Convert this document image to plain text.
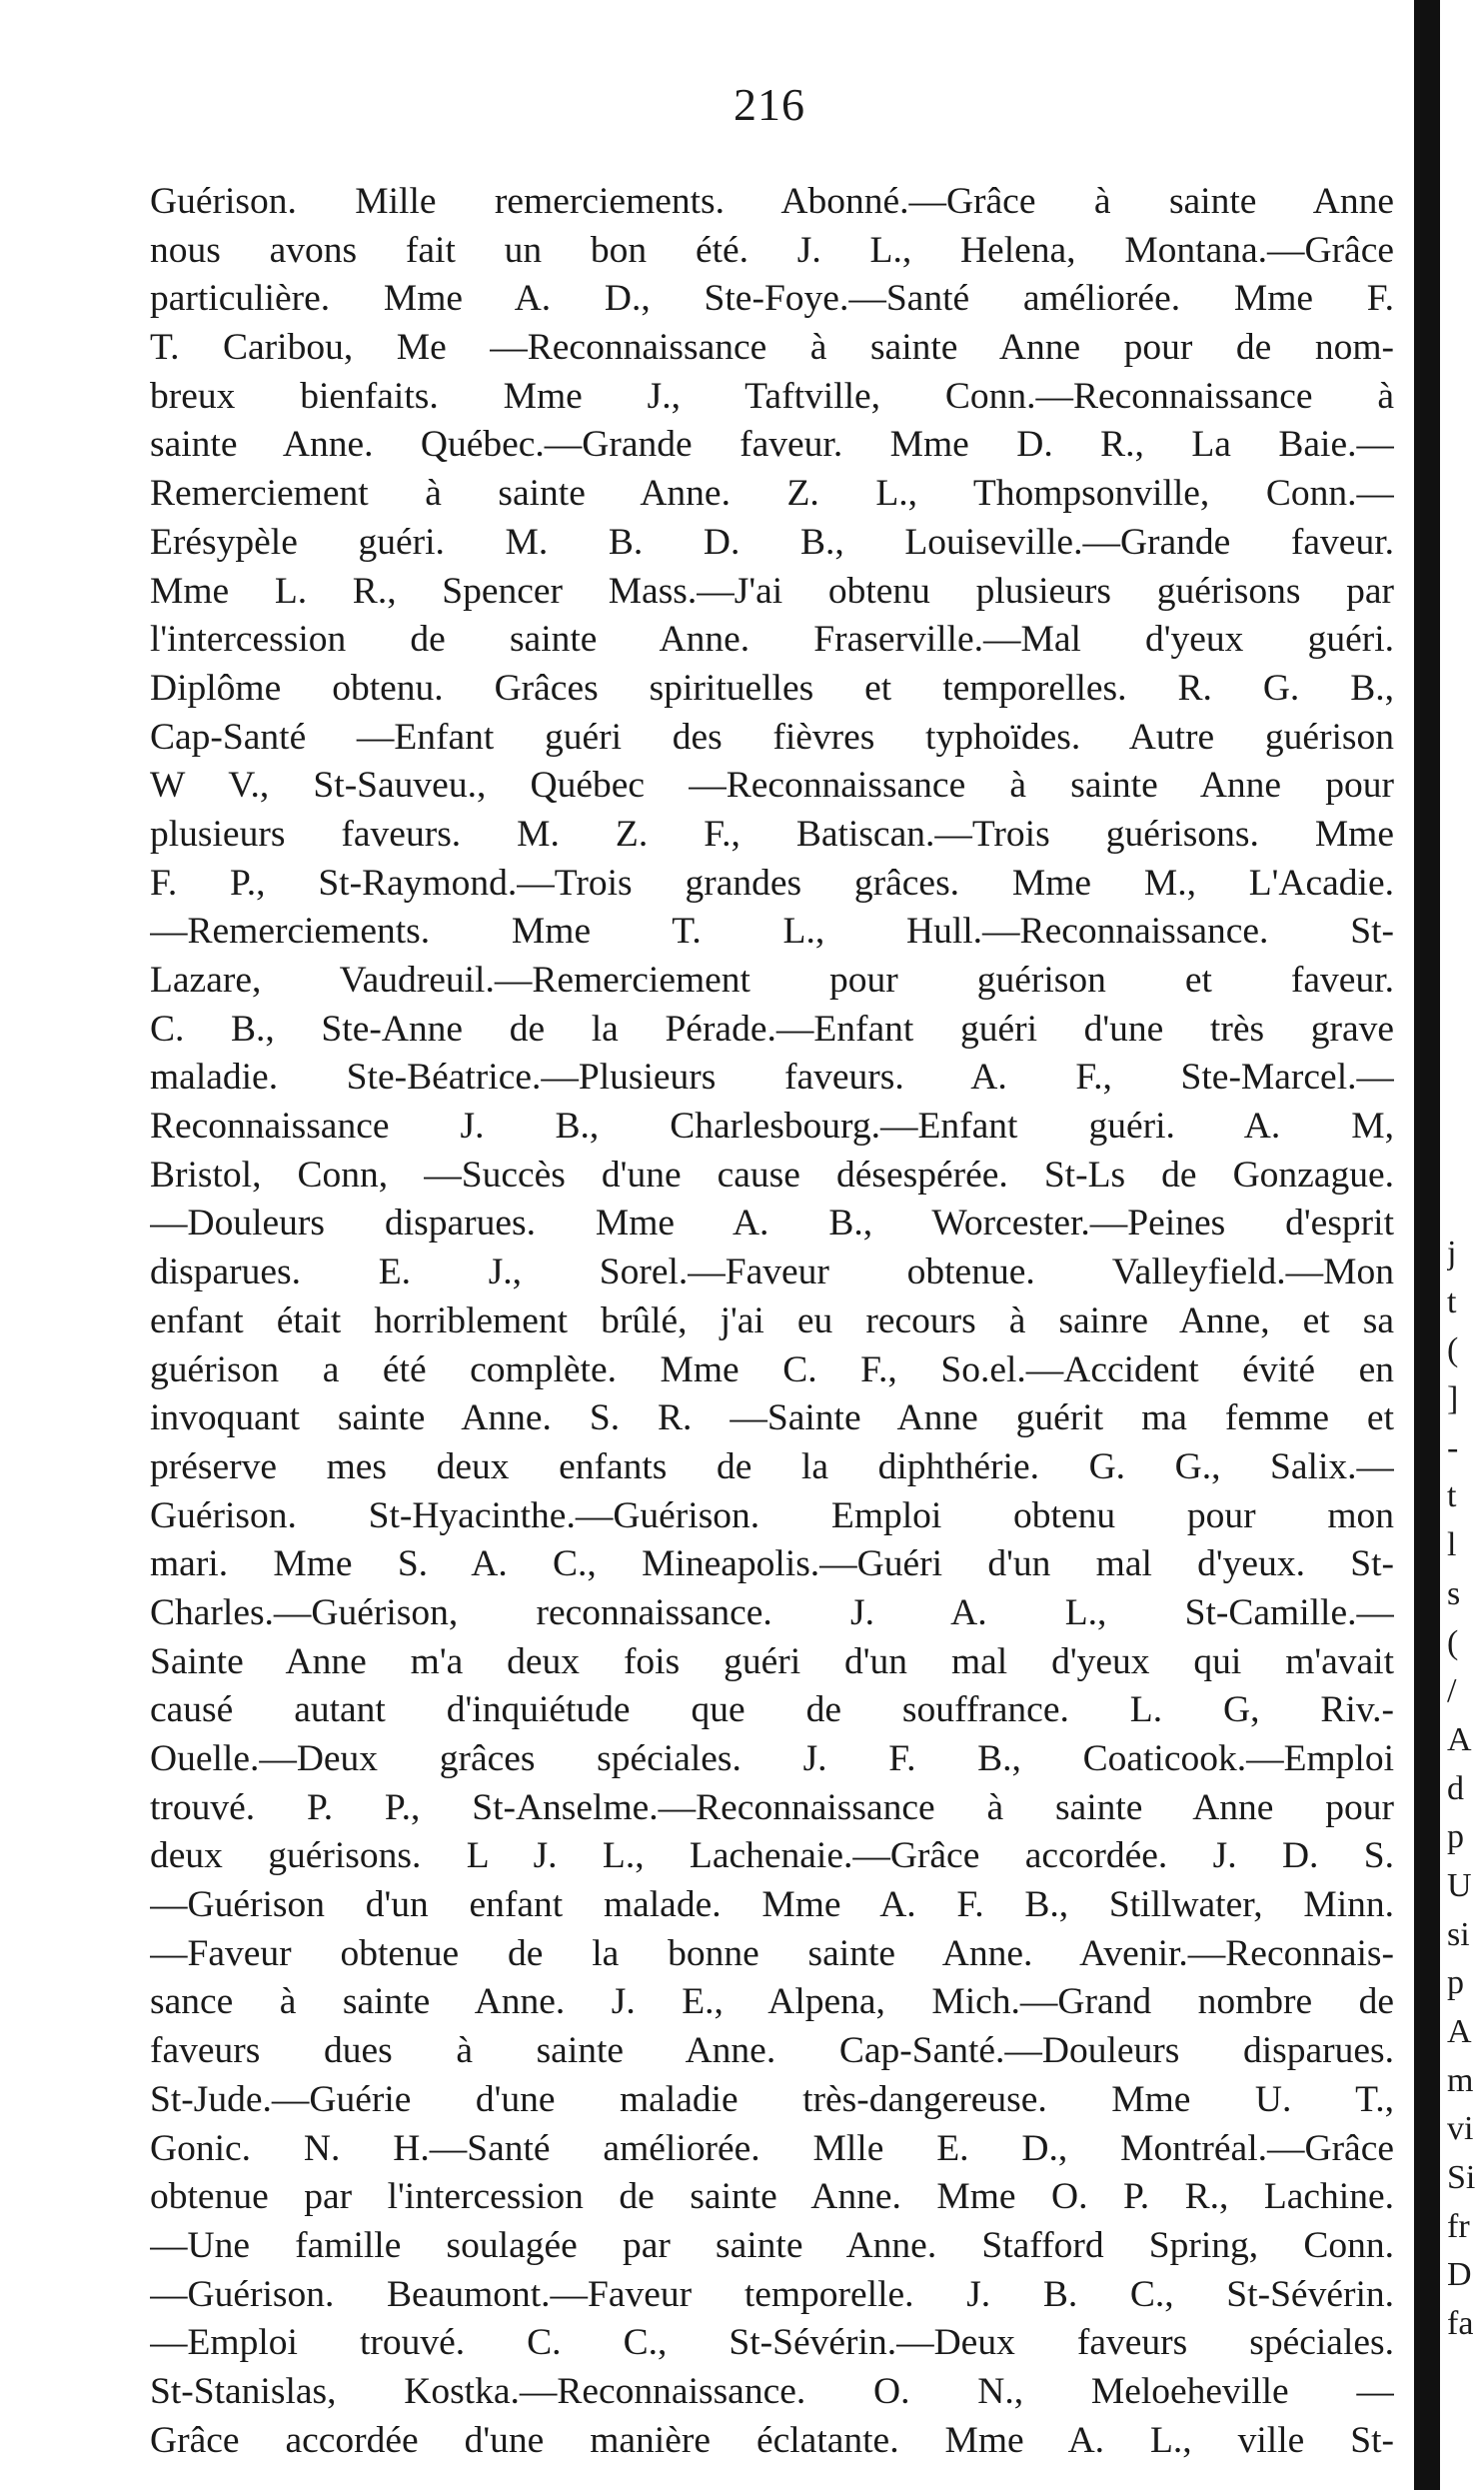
216
Guérison. Mille remerciements. Abonné.—Grâce à sainte Anne
nous avons fait un bon été. J. L., Helena, Montana.—Grâce
particulière. Mme A. D., Ste-Foye.—Santé améliorée. Mme F.
T. Caribou, Me —Reconnaissance à sainte Anne pour de nom-
breux bienfaits. Mme J., Taftville, Conn.—Reconnaissance à
sainte Anne. Québec.—Grande faveur. Mme D. R., La Baie.—
Remerciement à sainte Anne. Z. L., Thompsonville, Conn.—
Erésypèle guéri. M. B. D. B., Louiseville.—Grande faveur.
Mme L. R., Spencer Mass.—J'ai obtenu plusieurs guérisons par
l'intercession de sainte Anne. Fraserville.—Mal d'yeux guéri.
Diplôme obtenu. Grâces spirituelles et temporelles. R. G. B.,
Cap-Santé —Enfant guéri des fièvres typhoïdes. Autre guérison
W V., St-Sauveu., Québec —Reconnaissance à sainte Anne pour
plusieurs faveurs. M. Z. F., Batiscan.—Trois guérisons. Mme
F. P., St-Raymond.—Trois grandes grâces. Mme M., L'Acadie.
—Remerciements. Mme T. L., Hull.—Reconnaissance. St-
Lazare, Vaudreuil.—Remerciement pour guérison et faveur.
C. B., Ste-Anne de la Pérade.—Enfant guéri d'une très grave
maladie. Ste-Béatrice.—Plusieurs faveurs. A. F., Ste-Marcel.—
Reconnaissance J. B., Charlesbourg.—Enfant guéri. A. M,
Bristol, Conn, —Succès d'une cause désespérée. St-Ls de Gonzague.
—Douleurs disparues. Mme A. B., Worcester.—Peines d'esprit
disparues. E. J., Sorel.—Faveur obtenue. Valleyfield.—Mon
enfant était horriblement brûlé, j'ai eu recours à sainre Anne, et sa
guérison a été complète. Mme C. F., So.el.—Accident évité en
invoquant sainte Anne. S. R. —Sainte Anne guérit ma femme et
préserve mes deux enfants de la diphthérie. G. G., Salix.—
Guérison. St-Hyacinthe.—Guérison. Emploi obtenu pour mon
mari. Mme S. A. C., Mineapolis.—Guéri d'un mal d'yeux. St-
Charles.—Guérison, reconnaissance. J. A. L., St-Camille.—
Sainte Anne m'a deux fois guéri d'un mal d'yeux qui m'avait
causé autant d'inquiétude que de souffrance. L. G, Riv.-
Ouelle.—Deux grâces spéciales. J. F. B., Coaticook.—Emploi
trouvé. P. P., St-Anselme.—Reconnaissance à sainte Anne pour
deux guérisons. L J. L., Lachenaie.—Grâce accordée. J. D. S.
—Guérison d'un enfant malade. Mme A. F. B., Stillwater, Minn.
—Faveur obtenue de la bonne sainte Anne. Avenir.—Reconnais-
sance à sainte Anne. J. E., Alpena, Mich.—Grand nombre de
faveurs dues à sainte Anne. Cap-Santé.—Douleurs disparues.
St-Jude.—Guérie d'une maladie très-dangereuse. Mme U. T.,
Gonic. N. H.—Santé améliorée. Mlle E. D., Montréal.—Grâce
obtenue par l'intercession de sainte Anne. Mme O. P. R., Lachine.
—Une famille soulagée par sainte Anne. Stafford Spring, Conn.
—Guérison. Beaumont.—Faveur temporelle. J. B. C., St-Sévérin.
—Emploi trouvé. C. C., St-Sévérin.—Deux faveurs spéciales.
St-Stanislas, Kostka.—Reconnaissance. O. N., Meloeheville —
Grâce accordée d'une manière éclatante. Mme A. L., ville St-
j
t
(
]
-
t
l
s
(
/
A
d
p
U
si
p
A
m
vi
Si
fr
D
fa
